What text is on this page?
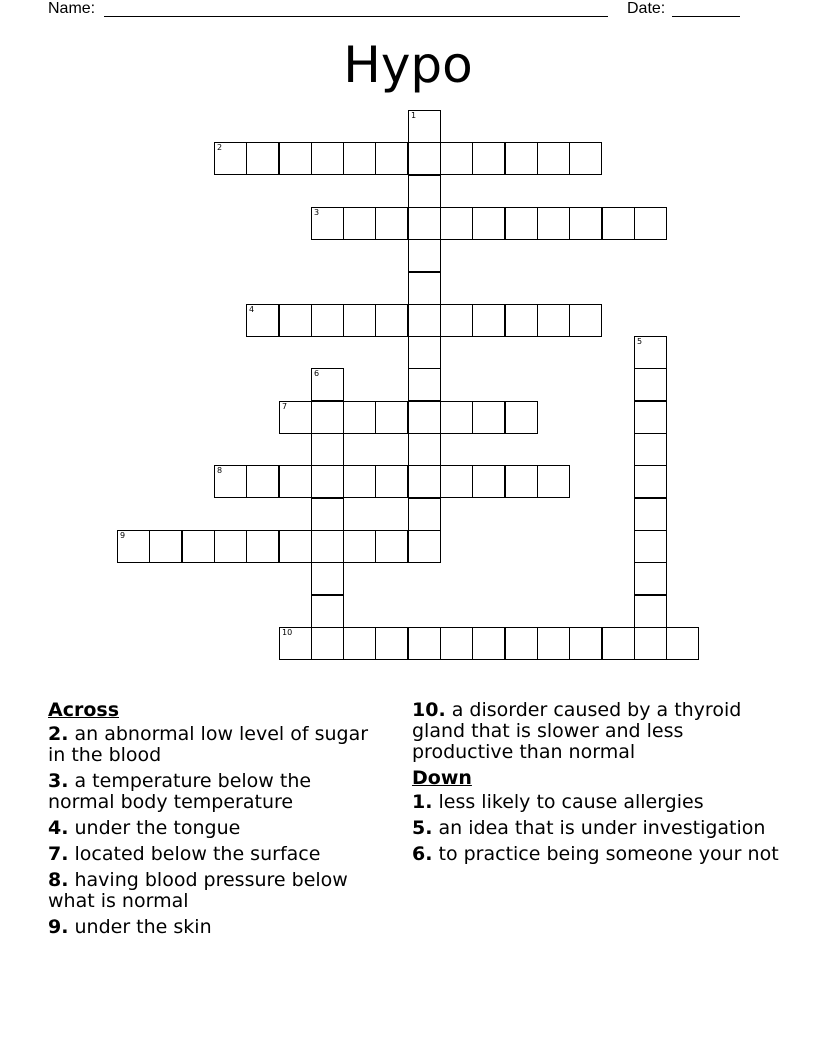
Name:	Date:
Hypo
1
2
3
4
5
6
7
8
9
10
Across
2. an abnormal low level of sugar in the blood
3. a temperature below the normal body temperature
4. under the tongue
7. located below the surface
8. having blood pressure below what is normal
9. under the skin
10. a disorder caused by a thyroid gland that is slower and less productive than normal
Down
1. less likely to cause allergies
5. an idea that is under investigation
6. to practice being someone your not
